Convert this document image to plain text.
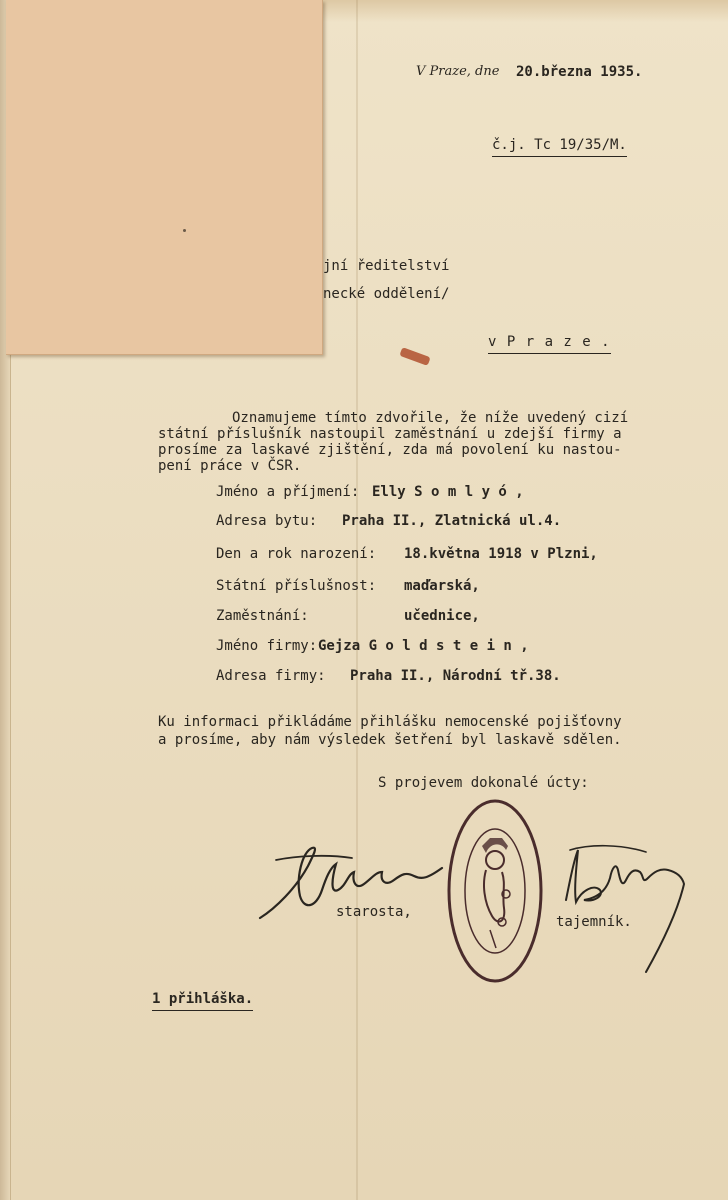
V Praze, dne 20.března 1935.
č.j. Tc 19/35/M.
jní ředitelství
necké oddělení/
v P r a z e .
Oznamujeme tímto zdvořile, že níže uvedený cizí
státní příslušník nastoupil zaměstnání u zdejší firmy a
prosíme za laskavé zjištění, zda má povolení ku nastou-
pení práce v ČSR.
Jméno a příjmení: Elly S o m l y ó ,
Adresa bytu: Praha II., Zlatnická ul.4.
Den a rok narození: 18.května 1918 v Plzni,
Státní příslušnost: maďarská,
Zaměstnání:	učednice,
Jméno firmy: Gejza G o l d s t e i n ,
Adresa firmy: Praha II., Národní tř.38.
Ku informaci přikládáme přihlášku nemocenské pojišťovny
a prosíme, aby nám výsledek šetření byl laskavě sdělen.
S projevem dokonalé úcty:
starosta,
tajemník.
1 přihláška.
